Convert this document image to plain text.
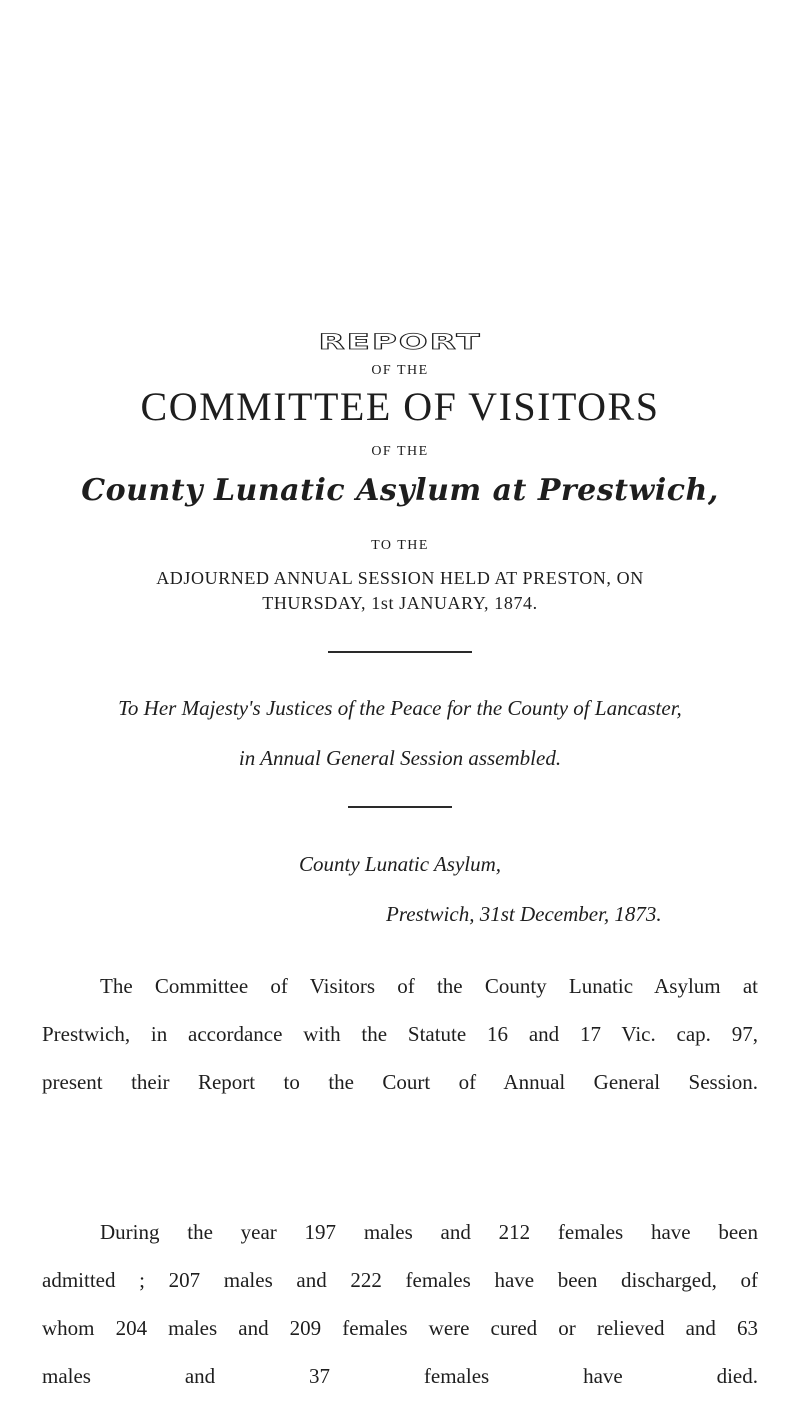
REPORT
OF THE
COMMITTEE OF VISITORS
OF THE
County Lunatic Asylum at Prestwich,
TO THE
ADJOURNED ANNUAL SESSION HELD AT PRESTON, ON
THURSDAY, 1st JANUARY, 1874.
To Her Majesty's Justices of the Peace for the County of Lancaster,
in Annual General Session assembled.
County Lunatic Asylum,
Prestwich, 31st December, 1873.
The Committee of Visitors of the County Lunatic Asylum at
Prestwich, in accordance with the Statute 16 and 17 Vic. cap. 97,
present their Report to the Court of Annual General Session.
During the year 197 males and 212 females have been
admitted ; 207 males and 222 females have been discharged, of
whom 204 males and 209 females were cured or relieved and 63
males and 37 females have died.
